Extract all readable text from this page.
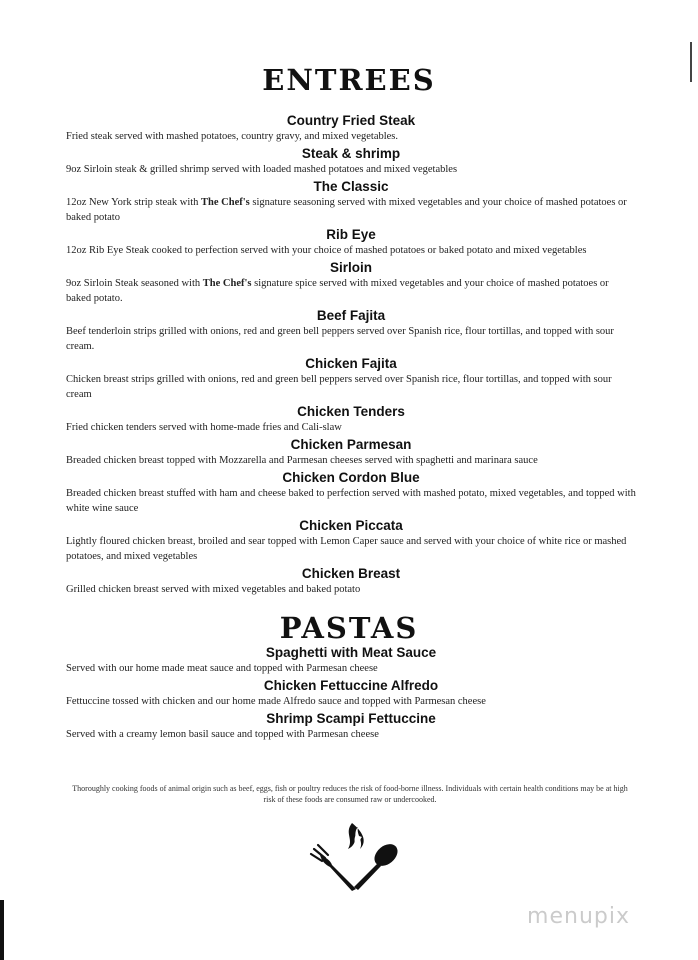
ENTREES
Country Fried Steak
Fried steak served with mashed potatoes, country gravy, and mixed vegetables.
Steak & shrimp
9oz Sirloin steak & grilled shrimp served with loaded mashed potatoes and mixed vegetables
The Classic
12oz New York strip steak with The Chef's signature seasoning served with mixed vegetables and your choice of mashed potatoes or baked potato
Rib Eye
12oz Rib Eye Steak cooked to perfection served with your choice of mashed potatoes or baked potato and mixed vegetables
Sirloin
9oz Sirloin Steak seasoned with The Chef's signature spice served with mixed vegetables and your choice of mashed potatoes or baked potato.
Beef Fajita
Beef tenderloin strips grilled with onions, red and green bell peppers served over Spanish rice, flour tortillas, and topped with sour cream.
Chicken Fajita
Chicken breast strips grilled with onions, red and green bell peppers served over Spanish rice, flour tortillas, and topped with sour cream
Chicken Tenders
Fried chicken tenders served with home-made fries and Cali-slaw
Chicken Parmesan
Breaded chicken breast topped with Mozzarella and Parmesan cheeses served with spaghetti and marinara sauce
Chicken Cordon Blue
Breaded chicken breast stuffed with ham and cheese baked to perfection served with mashed potato, mixed vegetables, and topped with white wine sauce
Chicken Piccata
Lightly floured chicken breast, broiled and sear topped with Lemon Caper sauce and served with your choice of white rice or mashed potatoes, and mixed vegetables
Chicken Breast
Grilled chicken breast served with mixed vegetables and baked potato
PASTAS
Spaghetti with Meat Sauce
Served with our home made meat sauce and topped with Parmesan cheese
Chicken Fettuccine Alfredo
Fettuccine tossed with chicken and our home made Alfredo sauce and topped with Parmesan cheese
Shrimp Scampi Fettuccine
Served with a creamy lemon basil sauce and topped with Parmesan cheese
Thoroughly cooking foods of animal origin such as beef, eggs, fish or poultry reduces the risk of food-borne illness. Individuals with certain health conditions may be at high risk of these foods are consumed raw or undercooked.
menupix
